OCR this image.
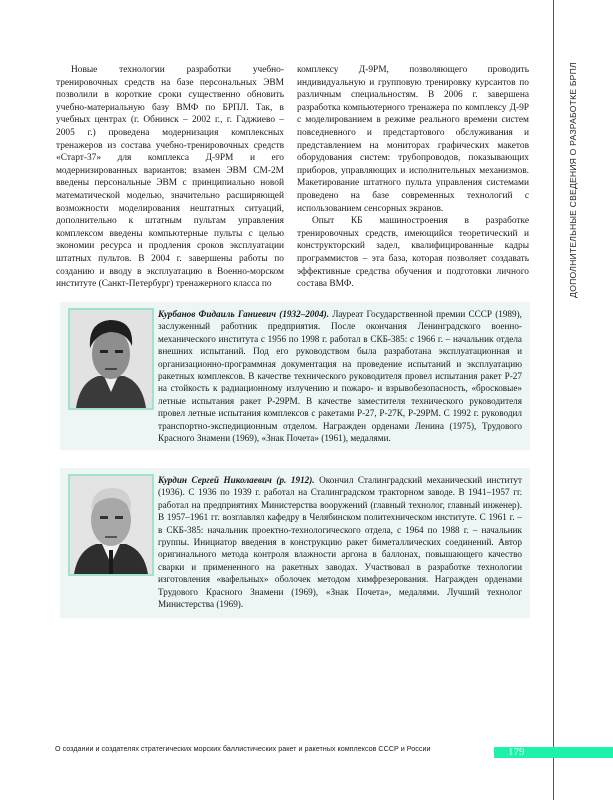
ДОПОЛНИТЕЛЬНЫЕ СВЕДЕНИЯ О РАЗРАБОТКЕ БРПЛ

Новые технологии разработки учебно-тренировочных средств на базе персональных ЭВМ позволили в короткие сроки существенно обновить учебно-материальную базу ВМФ по БРПЛ. Так, в учебных центрах (г. Обнинск – 2002 г., г. Гаджиево – 2005 г.) проведена модернизация комплексных тренажеров из состава учебно-тренировочных средств «Старт-37» для комплекса Д-9РМ и его модернизированных вариантов: взамен ЭВМ СМ-2М введены персональные ЭВМ с принципиально новой математической моделью, значительно расширяющей возможности моделирования нештатных ситуаций, дополнительно к штатным пультам управления комплексом введены компьютерные пульты с целью экономии ресурса и продления сроков эксплуатации штатных пультов. В 2004 г. завершены работы по созданию и вводу в эксплуатацию в Военно-морском институте (Санкт-Петербург) тренажерного класса по

комплексу Д-9РМ, позволяющего проводить индивидуальную и групповую тренировку курсантов по различным специальностям. В 2006 г. завершена разработка компьютерного тренажера по комплексу Д-9Р с моделированием в режиме реального времени систем повседневного и предстартового обслуживания и представлением на мониторах графических макетов оборудования систем: трубопроводов, показывающих приборов, управляющих и исполнительных механизмов. Макетирование штатного пульта управления системами проведено на базе современных технологий с использованием сенсорных экранов.

Опыт КБ машиностроения в разработке тренировочных средств, имеющийся теоретический и конструкторский задел, квалифицированные кадры программистов – эта база, которая позволяет создавать эффективные средства обучения и подготовки личного состава ВМФ.

Курбанов Фидаиль Ганиевич (1932–2004). Лауреат Государственной премии СССР (1989), заслуженный работник предприятия. После окончания Ленинградского военно-механического института с 1956 по 1998 г. работал в СКБ-385: с 1966 г. – начальник отдела внешних испытаний. Под его руководством была разработана эксплуатационная и организационно-программная документация на проведение испытаний и эксплуатацию ракетных комплексов. В качестве технического руководителя провел испытания ракет Р-27 на стойкость к радиационному излучению и пожаро- и взрывобезопасность, «бросковые» летные испытания ракет Р-29РМ. В качестве заместителя технического руководителя провел летные испытания комплексов с ракетами Р-27, Р-27К, Р-29РМ. С 1992 г. руководил транспортно-экспедиционным отделом. Награжден орденами Ленина (1975), Трудового Красного Знамени (1969), «Знак Почета» (1961), медалями.
Курдин Сергей Николаевич (р. 1912). Окончил Сталинградский механический институт (1936). С 1936 по 1939 г. работал на Сталинградском тракторном заводе. В 1941–1957 гг. работал на предприятиях Министерства вооружений (главный технолог, главный инженер). В 1957–1961 гг. возглавлял кафедру в Челябинском политехническом институте. С 1961 г. – в СКБ-385: начальник проектно-технологического отдела, с 1964 по 1988 г. – начальник группы. Инициатор введения в конструкцию ракет биметаллических соединений. Автор оригинального метода контроля влажности аргона в баллонах, повышающего качество сварки и примененного на ракетных заводах. Участвовал в разработке технологии изготовления «вафельных» оболочек методом химфрезерования. Награжден орденами Трудового Красного Знамени (1969), «Знак Почета», медалями. Лучший технолог Министерства (1969).
О создании и создателях стратегических морских баллистических ракет и ракетных комплексов СССР и России	179
